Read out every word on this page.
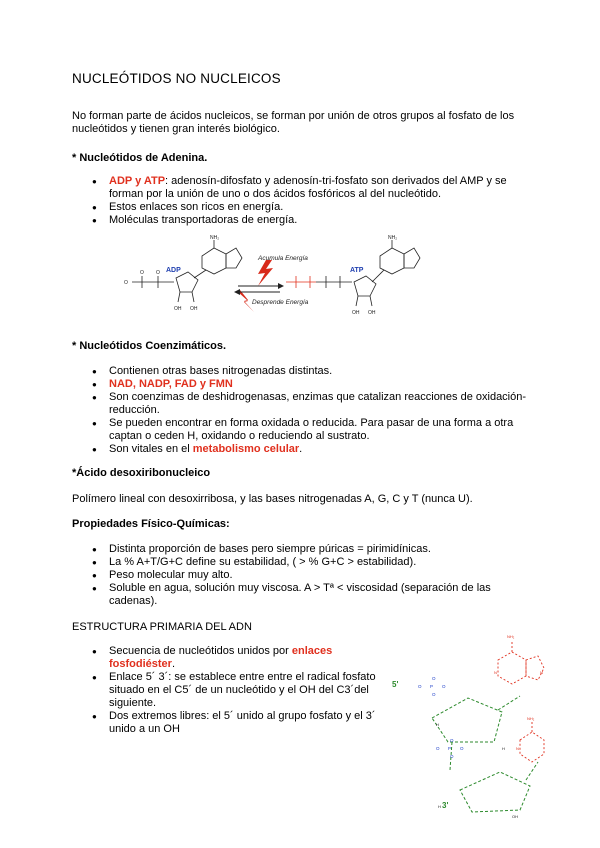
NUCLEÓTIDOS NO NUCLEICOS
No forman parte de ácidos nucleicos, se forman por unión de otros grupos al fosfato de los nucleótidos y tienen gran interés biológico.
* Nucleótidos de Adenina.
● ADP y ATP: adenosín-difosfato y adenosín-tri-fosfato son derivados del AMP y se forman por la unión de uno o dos ácidos fosfóricos al del nucleótido.
● Estos enlaces son ricos en energía.
● Moléculas transportadoras de energía.
O
O O
OH OH
NH₂
ADP
Acumula Energía
Desprende Energía
OH OH
NH₂
ATP
* Nucleótidos Coenzimáticos.
● Contienen otras bases nitrogenadas distintas.
● NAD, NADP, FAD y FMN
● Son coenzimas de deshidrogenasas, enzimas que catalizan reacciones de oxidación-reducción.
● Se pueden encontrar en forma oxidada o reducida. Para pasar de una forma a otra captan o ceden H, oxidando o reduciendo al sustrato.
● Son vitales en el metabolismo celular.
*Ácido desoxiribonucleico
Polímero lineal con desoxirribosa, y las bases nitrogenadas A, G, C y T (nunca U).
Propiedades Físico-Químicas:
● Distinta proporción de bases pero siempre púricas = pirimidínicas.
● La % A+T/G+C define su estabilidad, ( > % G+C > estabilidad).
● Peso molecular muy alto.
● Soluble en agua, solución muy viscosa. A > Tª < viscosidad (separación de las cadenas).
ESTRUCTURA PRIMARIA DEL ADN
● Secuencia de nucleótidos unidos por enlaces fosfodiéster.
● Enlace 5´ 3´: se establece entre entre el radical fosfato situado en el C5´ de un nucleótido y el OH del C3´del siguiente.
● Dos extremos libres: el 5´ unido al grupo fosfato y el 3´ unido a un OH
NH₂
N	N
NH₂
N
O P O
O
O
O P O
O
O
H
OH
H
H
5'
3'
